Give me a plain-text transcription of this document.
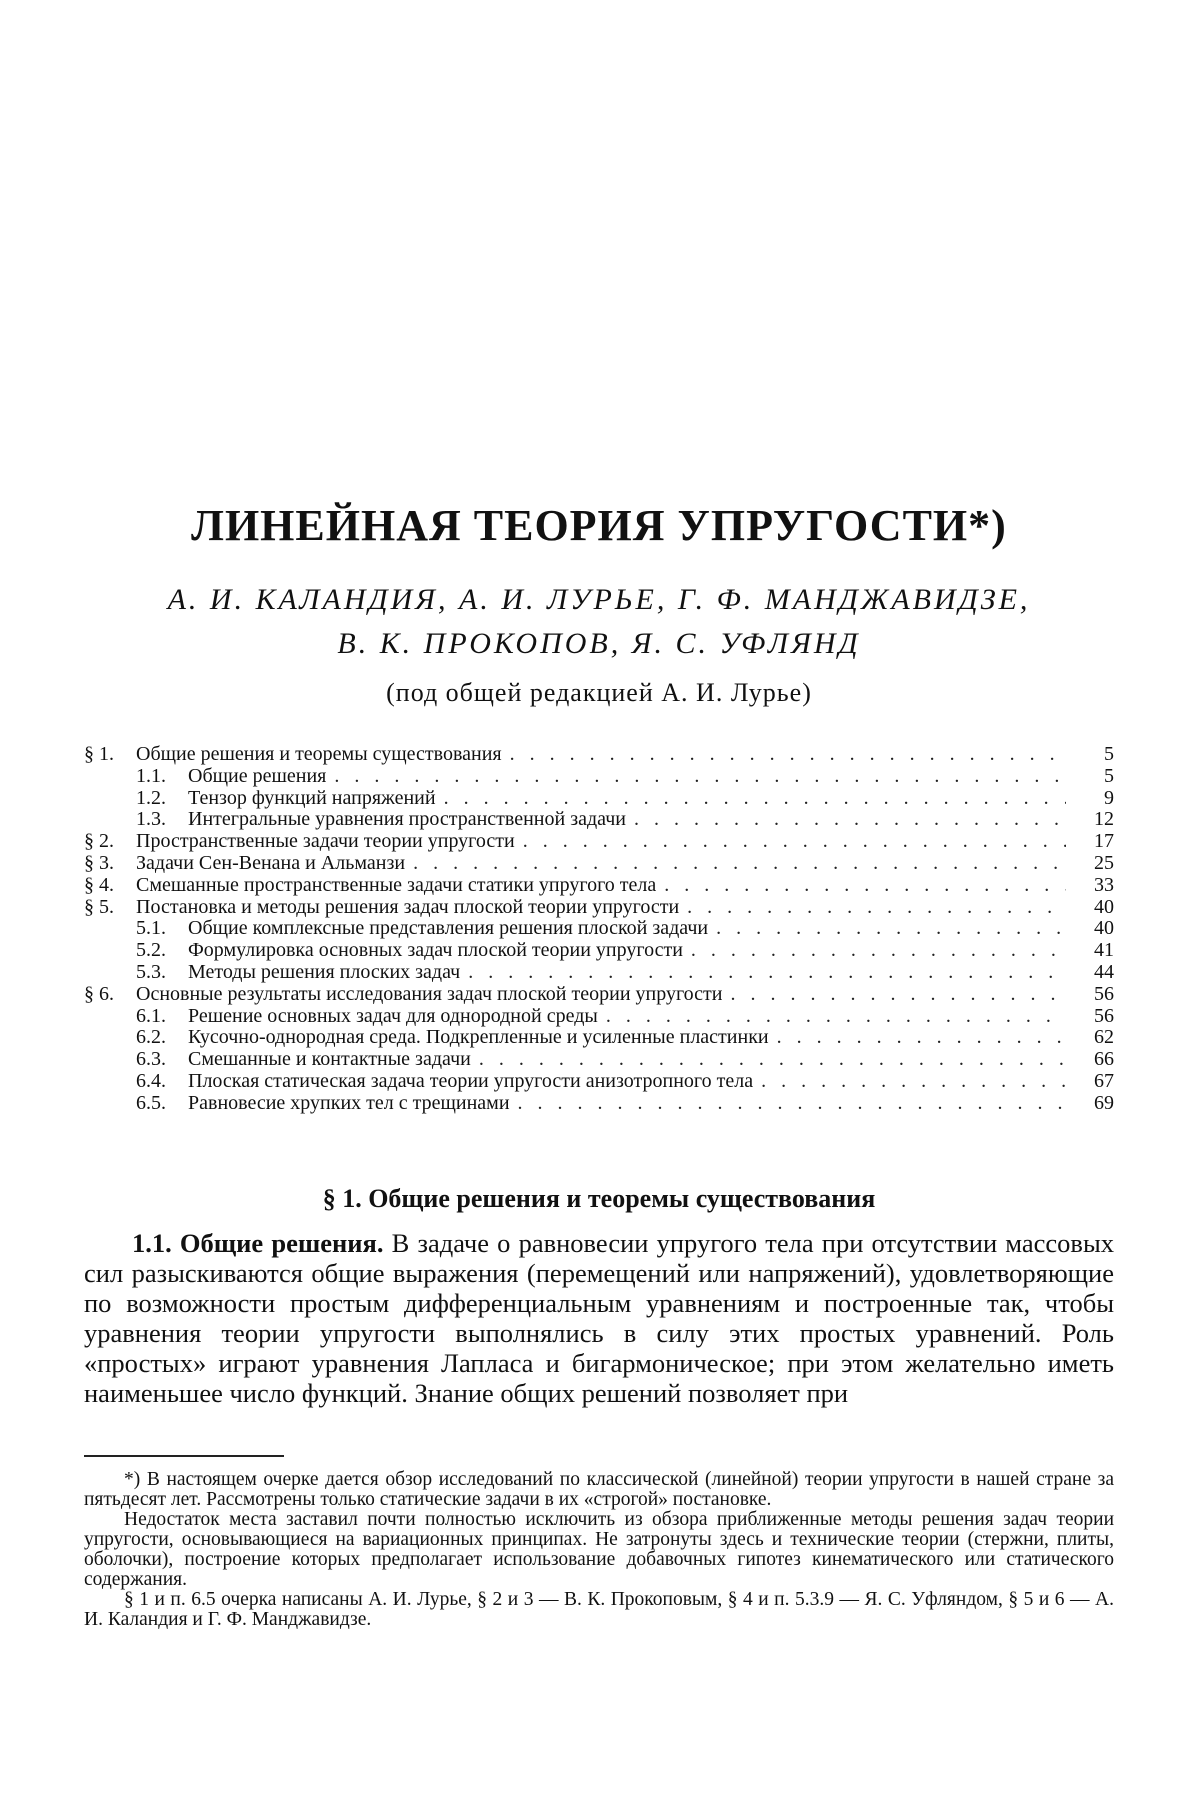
ЛИНЕЙНАЯ ТЕОРИЯ УПРУГОСТИ*)
А. И. КАЛАНДИЯ, А. И. ЛУРЬЕ, Г. Ф. МАНДЖАВИДЗЕ,
В. К. ПРОКОПОВ, Я. С. УФЛЯНД
(под общей редакцией А. И. Лурье)
§ 1.	Общие решения и теоремы существования . . .	5
1.1.	Общие решения . . .	5
1.2.	Тензор функций напряжений . . .	9
1.3.	Интегральные уравнения пространственной задачи . . .	12
§ 2.	Пространственные задачи теории упругости . . .	17
§ 3.	Задачи Сен-Венана и Альманзи . . .	25
§ 4.	Смешанные пространственные задачи статики упругого тела . . .	33
§ 5.	Постановка и методы решения задач плоской теории упругости . . .	40
5.1.	Общие комплексные представления решения плоской задачи . . .	40
5.2.	Формулировка основных задач плоской теории упругости . . .	41
5.3.	Методы решения плоских задач . . .	44
§ 6.	Основные результаты исследования задач плоской теории упругости . . .	56
6.1.	Решение основных задач для однородной среды . . .	56
6.2.	Кусочно-однородная среда. Подкрепленные и усиленные пластинки . . .	62
6.3.	Смешанные и контактные задачи . . .	66
6.4.	Плоская статическая задача теории упругости анизотропного тела . . .	67
6.5.	Равновесие хрупких тел с трещинами . . .	69
§ 1. Общие решения и теоремы существования

1.1. Общие решения. В задаче о равновесии упругого тела при отсутствии массовых сил разыскиваются общие выражения (перемещений или напряжений), удовлетворяющие по возможности простым дифференциальным уравнениям и построенные так, чтобы уравнения теории упругости выполнялись в силу этих простых уравнений. Роль «простых» играют уравнения Лапласа и бигармоническое; при этом желательно иметь наименьшее число функций. Знание общих решений позволяет при

*) В настоящем очерке дается обзор исследований по классической (линейной) теории упругости в нашей стране за пятьдесят лет. Рассмотрены только статические задачи в их «строгой» постановке.

Недостаток места заставил почти полностью исключить из обзора приближенные методы решения задач теории упругости, основывающиеся на вариационных принципах. Не затронуты здесь и технические теории (стержни, плиты, оболочки), построение которых предполагает использование добавочных гипотез кинематического или статического содержания.

§ 1 и п. 6.5 очерка написаны А. И. Лурье, § 2 и 3 — В. К. Прокоповым, § 4 и п. 5.3.9 — Я. С. Уфляндом, § 5 и 6 — А. И. Каландия и Г. Ф. Манджавидзе.
